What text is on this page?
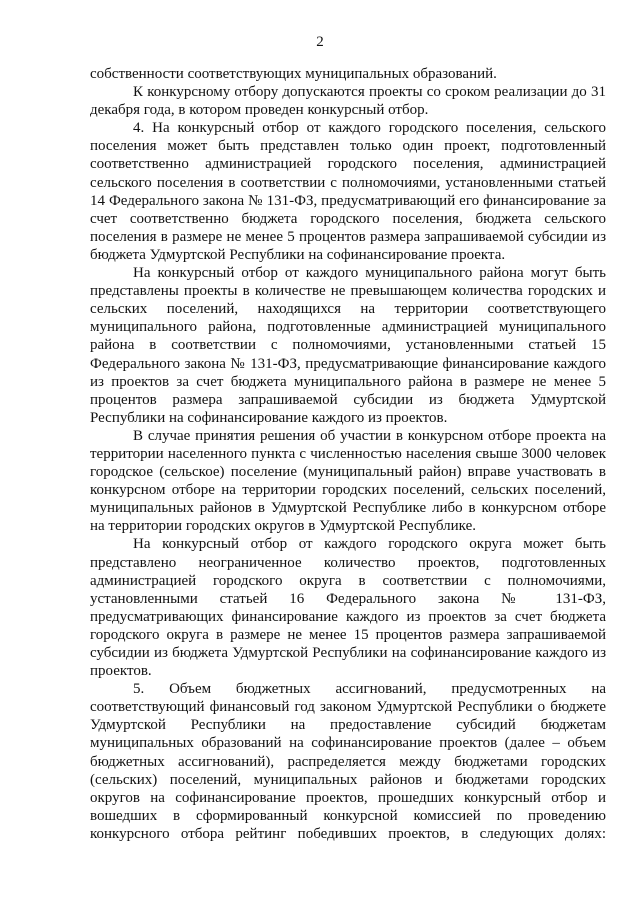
2

собственности соответствующих муниципальных образований.

К конкурсному отбору допускаются проекты со сроком реализации до 31 декабря года, в котором проведен конкурсный отбор.

4. На конкурсный отбор от каждого городского поселения, сельского поселения может быть представлен только один проект, подготовленный соответственно администрацией городского поселения, администрацией сельского поселения в соответствии с полномочиями, установленными статьей 14 Федерального закона № 131-ФЗ, предусматривающий его финансирование за счет соответственно бюджета городского поселения, бюджета сельского поселения в размере не менее 5 процентов размера запрашиваемой субсидии из бюджета Удмуртской Республики на софинансирование проекта.

На конкурсный отбор от каждого муниципального района могут быть представлены проекты в количестве не превышающем количества городских и сельских поселений, находящихся на территории соответствующего муниципального района, подготовленные администрацией муниципального района в соответствии с полномочиями, установленными статьей 15 Федерального закона № 131-ФЗ, предусматривающие финансирование каждого из проектов за счет бюджета муниципального района в размере не менее 5 процентов размера запрашиваемой субсидии из бюджета Удмуртской Республики на софинансирование каждого из проектов.

В случае принятия решения об участии в конкурсном отборе проекта на территории населенного пункта с численностью населения свыше 3000 человек городское (сельское) поселение (муниципальный район) вправе участвовать в конкурсном отборе на территории городских поселений, сельских поселений, муниципальных районов в Удмуртской Республике либо в конкурсном отборе на территории городских округов в Удмуртской Республике.

На конкурсный отбор от каждого городского округа может быть представлено неограниченное количество проектов, подготовленных администрацией городского округа в соответствии с полномочиями, установленными статьей 16 Федерального закона № 131-ФЗ, предусматривающих финансирование каждого из проектов за счет бюджета городского округа в размере не менее 15 процентов размера запрашиваемой субсидии из бюджета Удмуртской Республики на софинансирование каждого из проектов.

5. Объем бюджетных ассигнований, предусмотренных на соответствующий финансовый год законом Удмуртской Республики о бюджете Удмуртской Республики на предоставление субсидий бюджетам муниципальных образований на софинансирование проектов (далее – объем бюджетных ассигнований), распределяется между бюджетами городских (сельских) поселений, муниципальных районов и бюджетами городских округов на софинансирование проектов, прошедших конкурсный отбор и вошедших в сформированный конкурсной комиссией по проведению конкурсного отбора рейтинг победивших проектов, в следующих долях:
